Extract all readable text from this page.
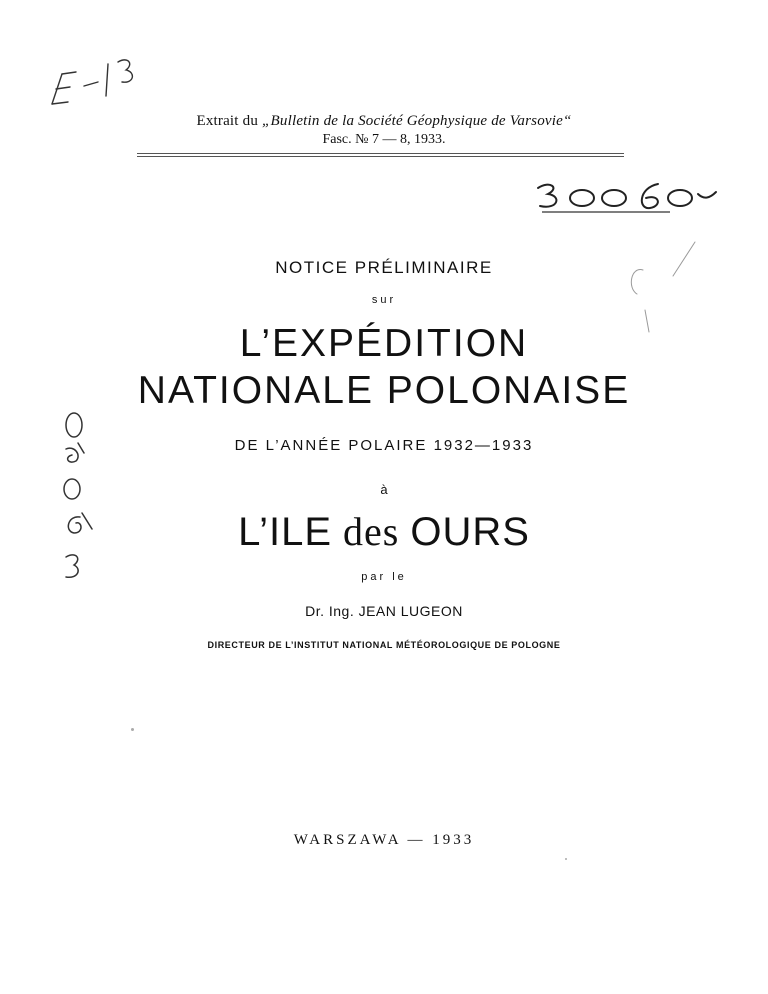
Extrait du „Bulletin de la Société Géophysique de Varsovie“
Fasc. № 7 — 8, 1933.
NOTICE PRÉLIMINAIRE
sur
L’EXPÉDITION
NATIONALE POLONAISE
DE L’ANNÉE POLAIRE 1932—1933
à
L’ILE des OURS
par le
Dr. Ing. JEAN LUGEON
DIRECTEUR DE L’INSTITUT NATIONAL MÉTÉOROLOGIQUE DE POLOGNE
WARSZAWA — 1933
